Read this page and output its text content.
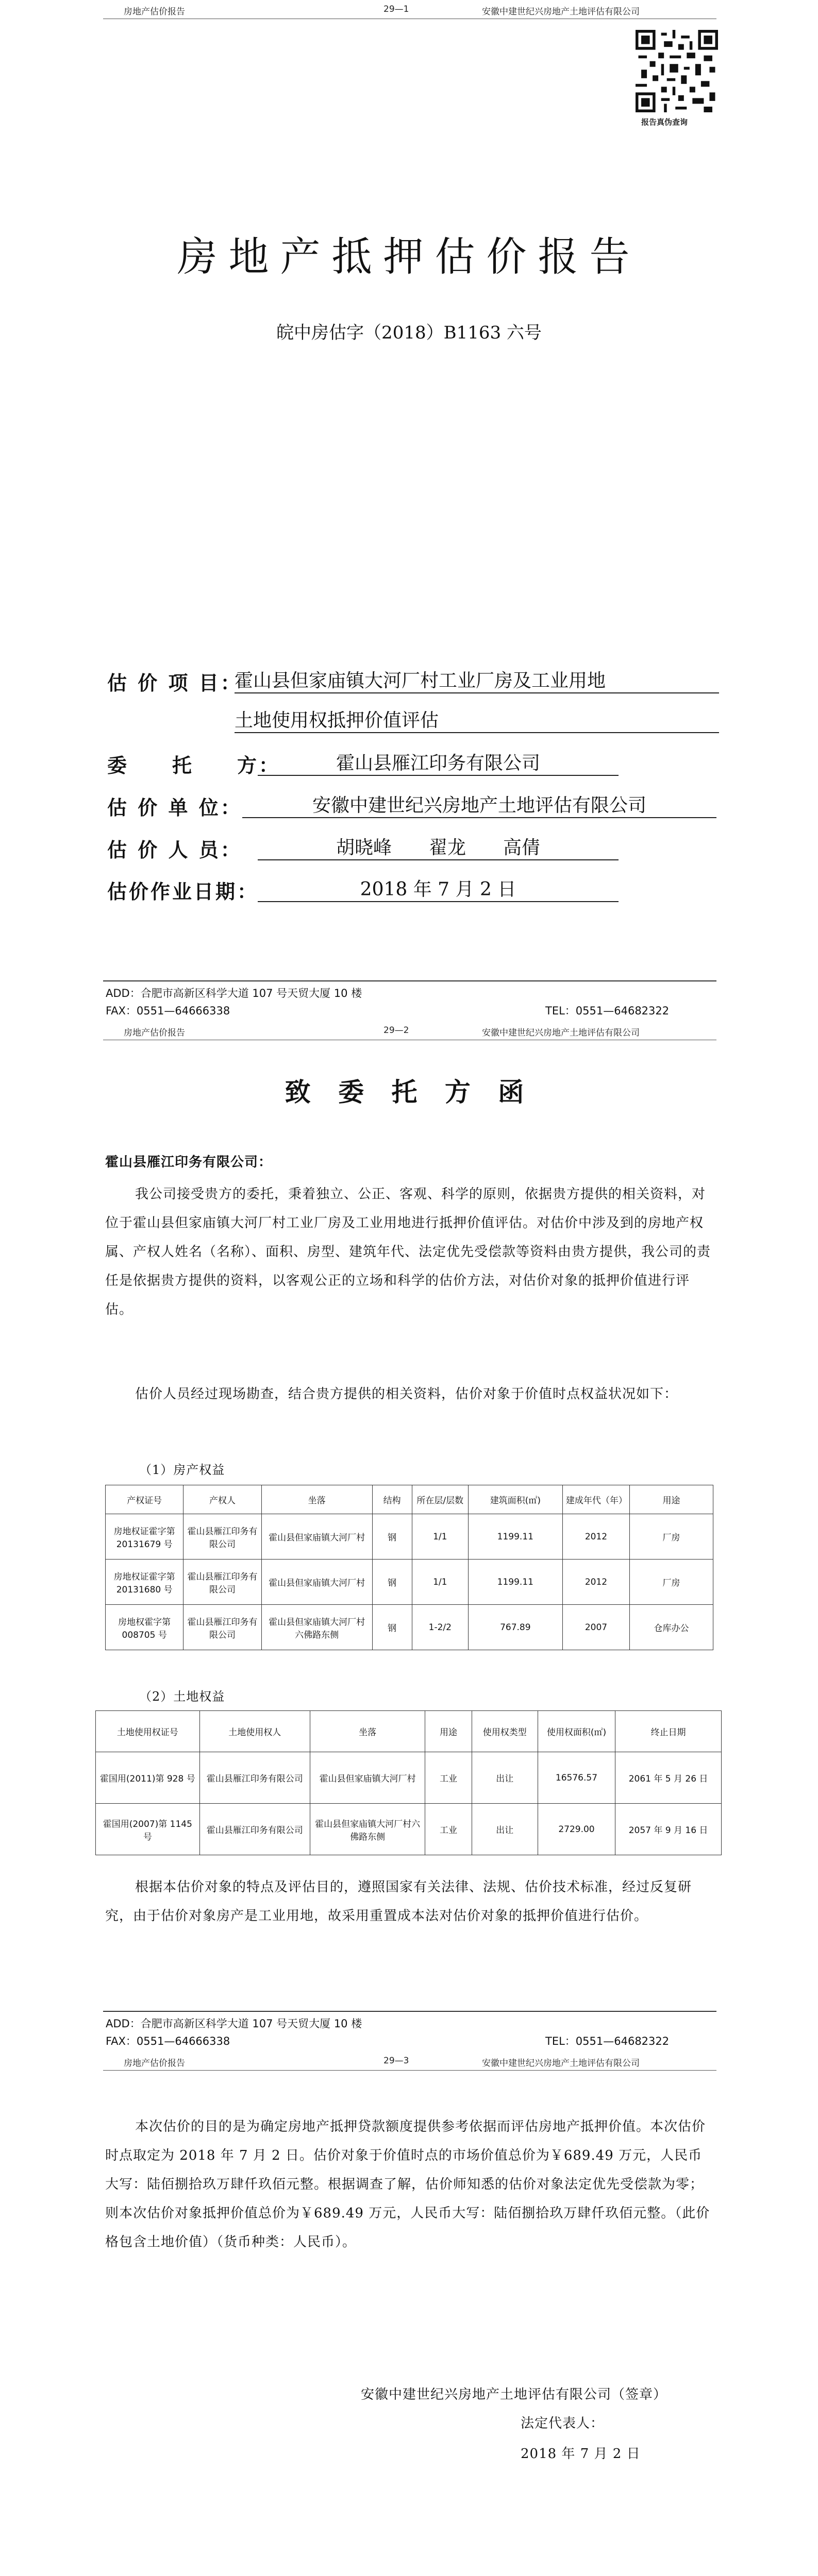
房地产估价报告	29—1	安徽中建世纪兴房地产土地评估有限公司
报告真伪查询
房地产抵押估价报告
皖中房估字（2018）B1163 六号
估 价 项 目：
霍山县但家庙镇大河厂村工业厂房及工业用地
土地使用权抵押价值评估
委　　托　　方：	霍山县雁江印务有限公司
估 价 单 位：	安徽中建世纪兴房地产土地评估有限公司
估 价 人 员：	胡晓峰　　翟龙　　高倩
估价作业日期：	2018 年 7 月 2 日
ADD：合肥市高新区科学大道 107 号天贸大厦 10 楼
FAX：0551—64666338	TEL：0551—64682322
房地产估价报告	29—2	安徽中建世纪兴房地产土地评估有限公司
致 委 托 方 函
霍山县雁江印务有限公司：
我公司接受贵方的委托，秉着独立、公正、客观、科学的原则，依据贵方提供的相关资料，对位于霍山县但家庙镇大河厂村工业厂房及工业用地进行抵押价值评估。对估价中涉及到的房地产权属、产权人姓名（名称）、面积、房型、建筑年代、法定优先受偿款等资料由贵方提供，我公司的责任是依据贵方提供的资料，以客观公正的立场和科学的估价方法，对估价对象的抵押价值进行评估。
估价人员经过现场勘查，结合贵方提供的相关资料，估价对象于价值时点权益状况如下：
（1）房产权益
产权证号	产权人	坐落	结构	所在层/层数	建筑面积(㎡)	建成年代（年）	用途
房地权证霍字第 20131679 号	霍山县雁江印务有限公司	霍山县但家庙镇大河厂村	钢	1/1	1199.11	2012	厂房
房地权证霍字第 20131680 号	霍山县雁江印务有限公司	霍山县但家庙镇大河厂村	钢	1/1	1199.11	2012	厂房
房地权霍字第 008705 号	霍山县雁江印务有限公司	霍山县但家庙镇大河厂村六佛路东侧	钢	1-2/2	767.89	2007	仓库办公
（2）土地权益
土地使用权证号	土地使用权人	坐落	用途	使用权类型	使用权面积(㎡)	终止日期
霍国用(2011)第 928 号	霍山县雁江印务有限公司	霍山县但家庙镇大河厂村	工业	出让	16576.57	2061 年 5 月 26 日
霍国用(2007)第 1145 号	霍山县雁江印务有限公司	霍山县但家庙镇大河厂村六佛路东侧	工业	出让	2729.00	2057 年 9 月 16 日
根据本估价对象的特点及评估目的，遵照国家有关法律、法规、估价技术标准，经过反复研究，由于估价对象房产是工业用地，故采用重置成本法对估价对象的抵押价值进行估价。
ADD：合肥市高新区科学大道 107 号天贸大厦 10 楼
FAX：0551—64666338	TEL：0551—64682322
房地产估价报告	29—3	安徽中建世纪兴房地产土地评估有限公司
本次估价的目的是为确定房地产抵押贷款额度提供参考依据而评估房地产抵押价值。本次估价时点取定为 2018 年 7 月 2 日。估价对象于价值时点的市场价值总价为￥689.49 万元，人民币大写：陆佰捌拾玖万肆仟玖佰元整。根据调查了解，估价师知悉的估价对象法定优先受偿款为零；则本次估价对象抵押价值总价为￥689.49 万元，人民币大写：陆佰捌拾玖万肆仟玖佰元整。（此价格包含土地价值）（货币种类：人民币）。
安徽中建世纪兴房地产土地评估有限公司（签章）
法定代表人：
2018 年 7 月 2 日
